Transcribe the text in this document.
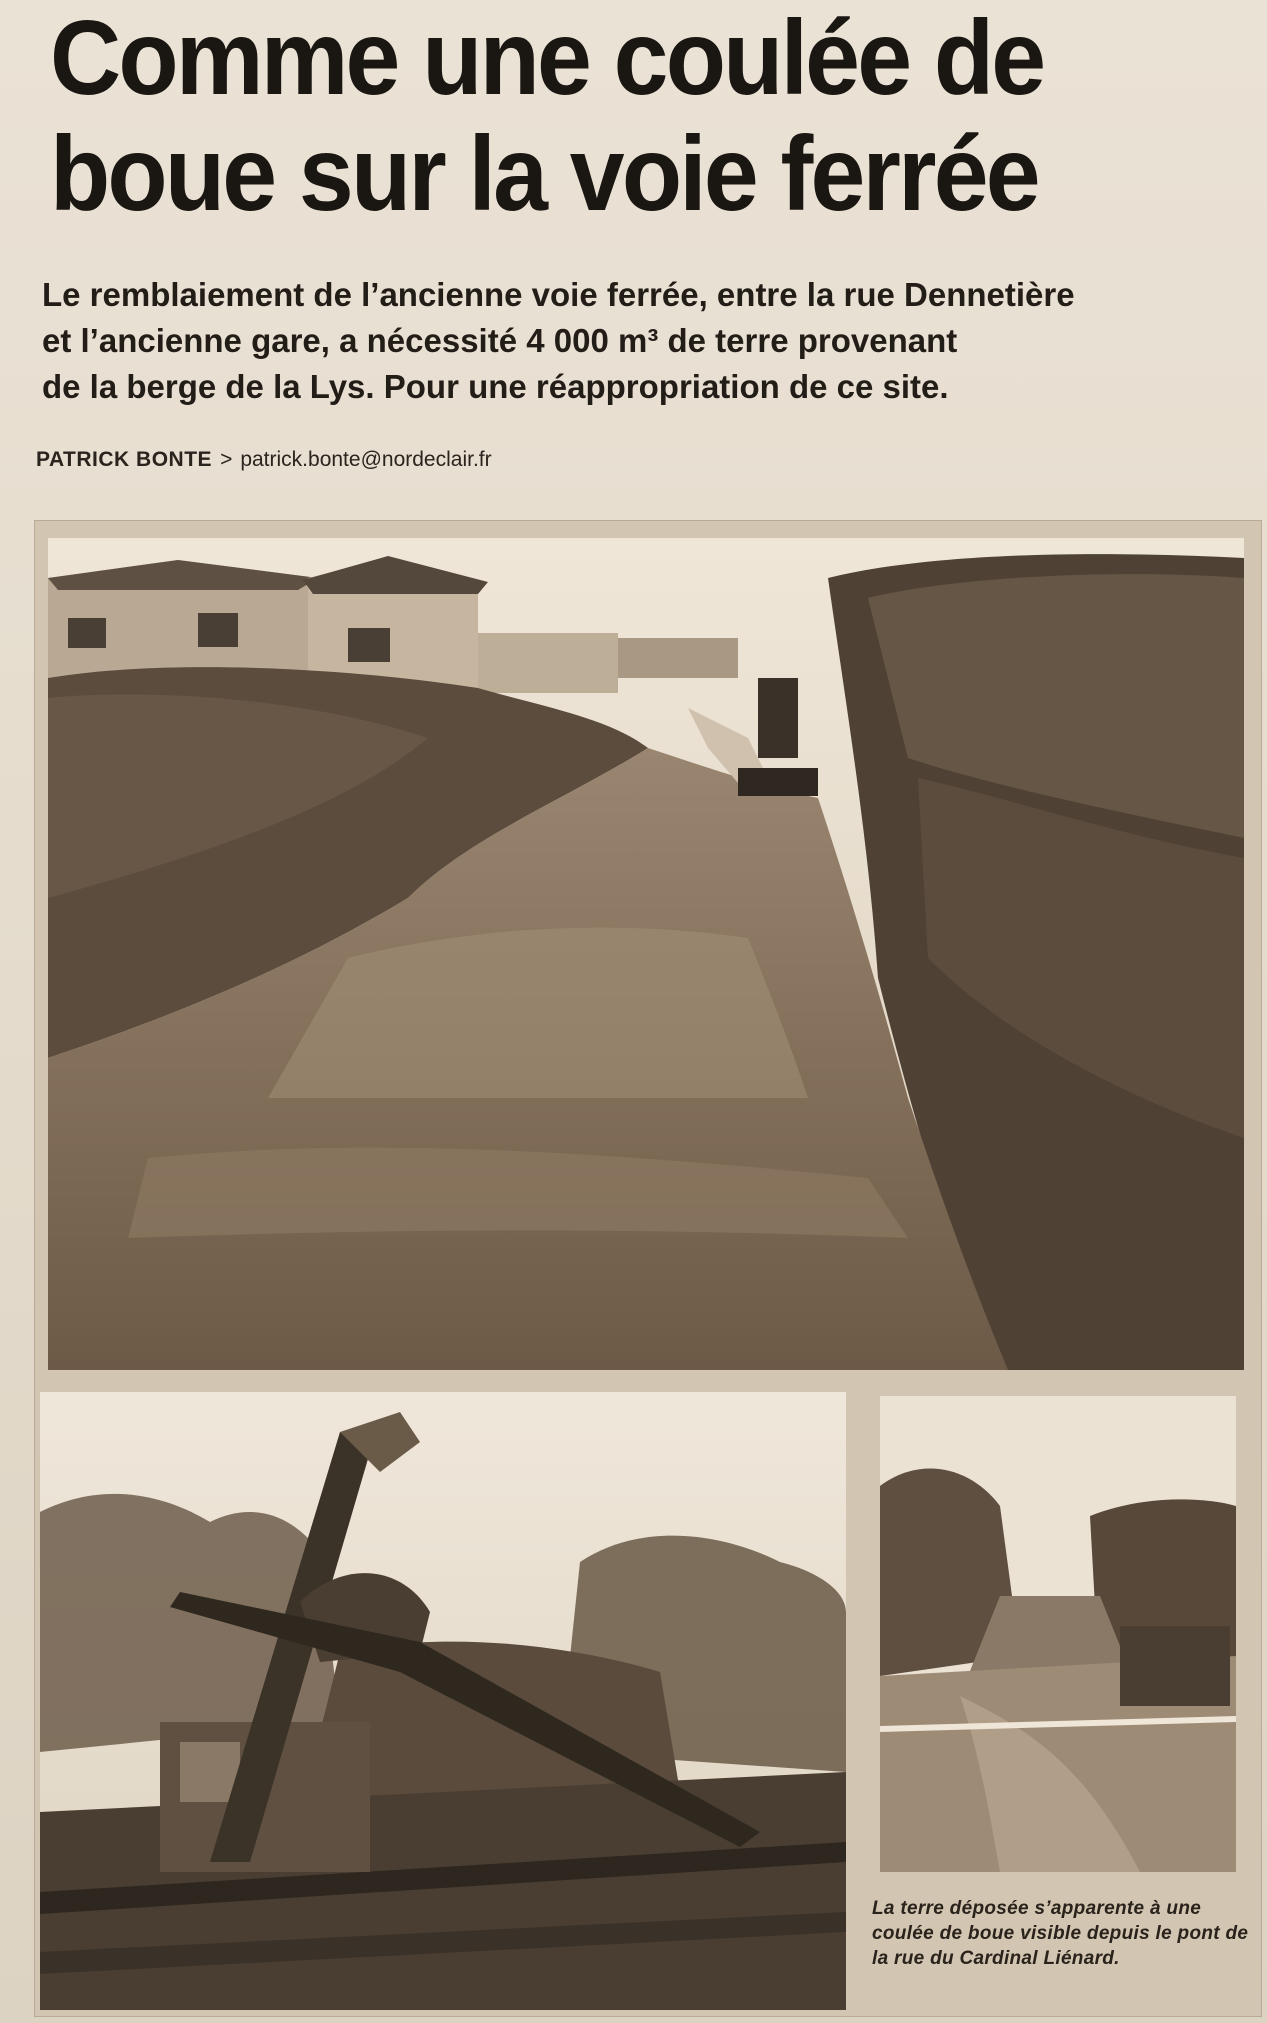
Comme une coulée de
boue sur la voie ferrée

Le remblaiement de l’ancienne voie ferrée, entre la rue Dennetière
et l’ancienne gare, a nécessité 4 000 m³ de terre provenant
de la berge de la Lys. Pour une réappropriation de ce site.

PATRICK BONTE > patrick.bonte@nordeclair.fr
La terre déposée s’apparente à une coulée de boue visible depuis le pont de la rue du Cardinal Liénard.
